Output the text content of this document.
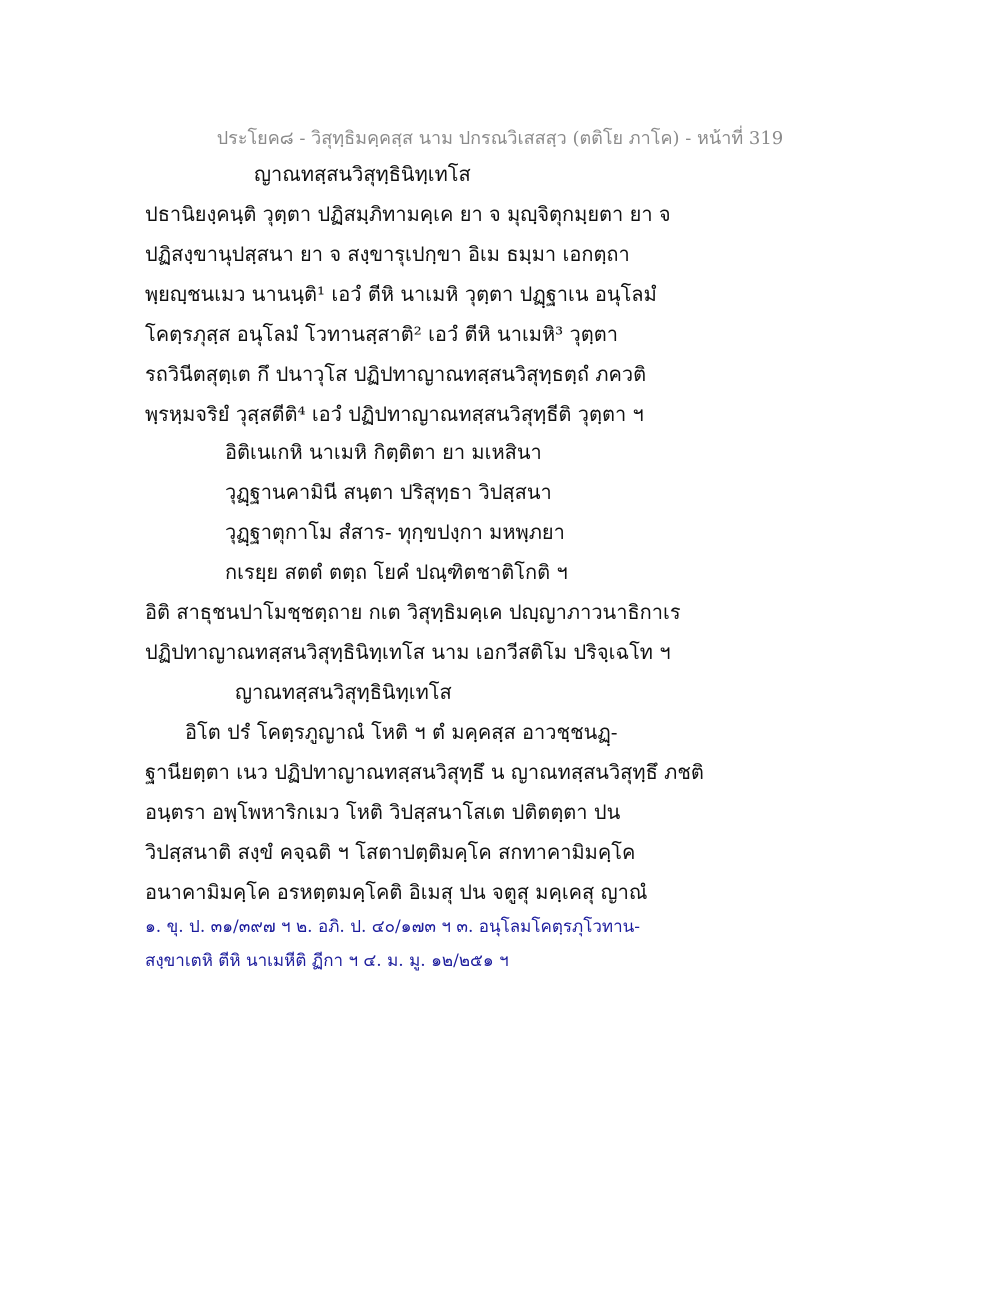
ประโยค๘ - วิสุทฺธิมคฺคสฺส นาม ปกรณวิเสสสฺว (ตติโย ภาโค) - หน้าที่ 319
ญาณทสฺสนวิสุทฺธินิทฺเทโส
ปธานิยงฺคนฺติ วุตฺตา ปฏิสมฺภิทามคฺเค ยา จ มุญฺจิตุกมฺยตา ยา จ
ปฏิสงฺขานุปสฺสนา ยา จ สงฺขารุเปกฺขา อิเม ธมฺมา เอกตฺถา
พฺยญฺชนเมว นานนฺติ¹ เอวํ ตีหิ นาเมหิ วุตฺตา ปฏฺฐาเน อนุโลมํ
โคตฺรภุสฺส อนุโลมํ โวทานสฺสาติ² เอวํ ตีหิ นาเมหิ³ วุตฺตา
รถวินีตสุตฺเต กึ ปนาวุโส ปฏิปทาญาณทสฺสนวิสุทฺธตฺถํ ภควติ
พฺรหฺมจริยํ วุสฺสตีติ⁴ เอวํ ปฏิปทาญาณทสฺสนวิสุทฺธีติ วุตฺตา ฯ
อิติเนเกหิ นาเมหิ กิตฺติตา ยา มเหสินา
วุฏฺฐานคามินี สนฺตา ปริสุทฺธา วิปสฺสนา
วุฏฺฐาตุกาโม สํสาร- ทุกฺขปงฺกา มหพฺภยา
กเรยฺย สตตํ ตตฺถ โยคํ ปณฺฑิตชาติโกติ ฯ
อิติ สาธุชนปาโมชฺชตฺถาย กเต วิสุทฺธิมคฺเค ปญฺญาภาวนาธิกาเร
ปฏิปทาญาณทสฺสนวิสุทฺธินิทฺเทโส นาม เอกวีสติโม ปริจฺเฉโท ฯ
ญาณทสฺสนวิสุทฺธินิทฺเทโส
อิโต ปรํ โคตฺรภูญาณํ โหติ ฯ ตํ มคฺคสฺส อาวชฺชนฏฺ-
ฐานียตฺตา เนว ปฏิปทาญาณทสฺสนวิสุทฺธึ น ญาณทสฺสนวิสุทฺธึ ภชติ
อนฺตรา อพฺโพหาริกเมว โหติ วิปสฺสนาโสเต ปติตตฺตา ปน
วิปสฺสนาติ สงฺขํ คจฺฉติ ฯ โสตาปตฺติมคฺโค สกทาคามิมคฺโค
อนาคามิมคฺโค อรหตฺตมคฺโคติ อิเมสุ ปน จตูสุ มคฺเคสุ ญาณํ
๑. ขุ. ป. ๓๑/๓๙๗ ฯ ๒. อภิ. ป. ๔๐/๑๗๓ ฯ ๓. อนุโลมโคตฺรภุโวทาน-
สงฺขาเตหิ ตีหิ นาเมหีติ ฏีกา ฯ ๔. ม. มู. ๑๒/๒๕๑ ฯ
